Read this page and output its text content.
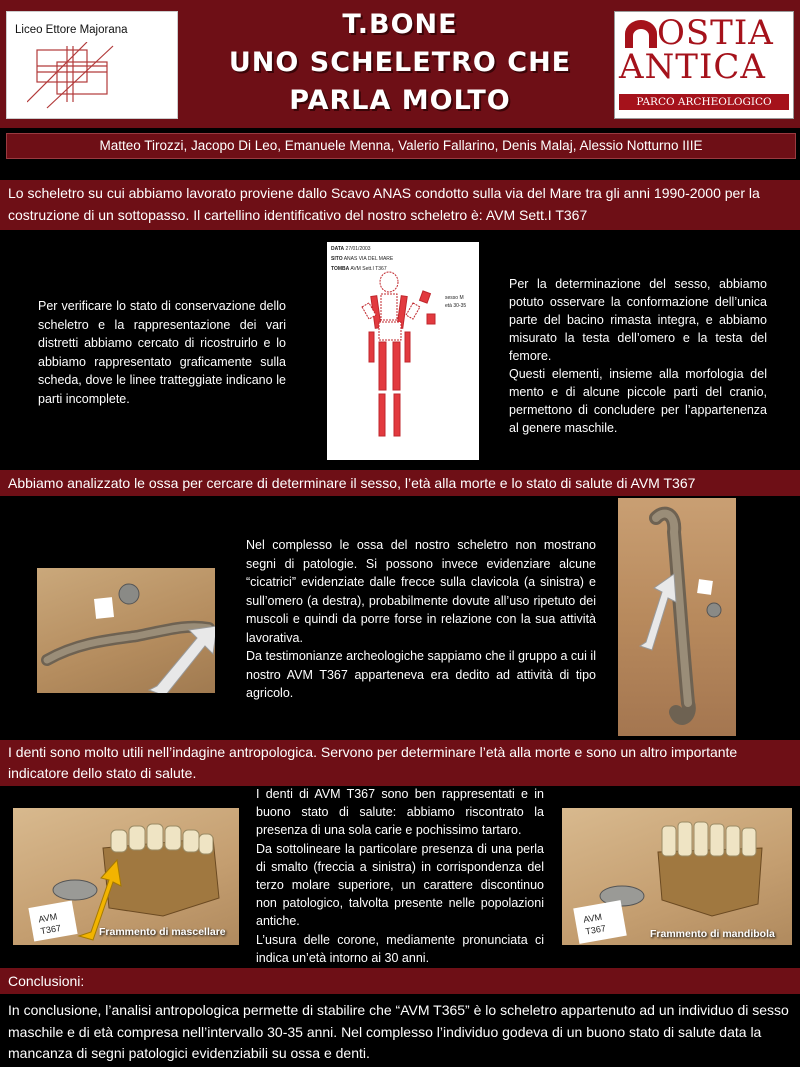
Liceo Ettore Majorana	T.BONE
UNO SCHELETRO CHE
PARLA MOLTO
OSTIA
ANTICA
PARCO ARCHEOLOGICO
Matteo Tirozzi, Jacopo Di Leo, Emanuele Menna, Valerio Fallarino, Denis Malaj, Alessio Notturno IIIE
Lo scheletro su cui abbiamo lavorato proviene dallo Scavo ANAS condotto sulla via del Mare tra gli anni 1990-2000 per la costruzione di un sottopasso. Il cartellino identificativo del nostro scheletro è: AVM Sett.I T367
Per verificare lo stato di conservazione dello scheletro e la rappresentazione dei vari distretti abbiamo cercato di ricostruirlo e lo abbiamo rappresentato graficamente sulla scheda, dove le linee tratteggiate indicano le parti incomplete.
DATA 27/01/2003
SITO ANAS VIA DEL MARE
TOMBA AVM Sett.I T367
sesso M
età 30-35
Per la determinazione del sesso, abbiamo potuto osservare la conformazione dell’unica parte del bacino rimasta integra, e abbiamo misurato la testa dell’omero e la testa del femore.
Questi elementi, insieme alla morfologia del mento e di alcune piccole parti del cranio, permettono di concludere per l’appartenenza al genere maschile.
Abbiamo analizzato le ossa per cercare di determinare il sesso, l’età alla morte e lo stato di salute di AVM T367
Nel complesso le ossa del nostro scheletro non mostrano segni di patologie. Si possono invece evidenziare alcune “cicatrici” evidenziate dalle frecce sulla clavicola (a sinistra) e sull’omero (a destra), probabilmente dovute all’uso ripetuto dei muscoli e quindi da porre forse in relazione con la sua attività lavorativa.
Da testimonianze archeologiche sappiamo che il gruppo a cui il nostro AVM T367 apparteneva era dedito ad attività di tipo agricolo.
I denti sono molto utili nell’indagine antropologica. Servono per determinare l’età alla morte e sono un altro importante indicatore dello stato di salute.
AVM
T367	Frammento di mascellare
I denti di AVM T367 sono ben rappresentati e in buono stato di salute: abbiamo riscontrato la presenza di una sola carie e pochissimo tartaro.
Da sottolineare la particolare presenza di una perla di smalto (freccia a sinistra) in corrispondenza del terzo molare superiore, un carattere discontinuo non patologico, talvolta presente nelle popolazioni antiche.
L’usura delle corone, mediamente pronunciata ci indica un’età intorno ai 30 anni.
AVM
T367	Frammento di mandibola
Conclusioni:
In conclusione, l’analisi antropologica permette di stabilire che “AVM T365” è lo scheletro appartenuto ad un individuo di sesso maschile e di età compresa nell’intervallo 30-35 anni. Nel complesso l’individuo godeva di un buono stato di salute data la mancanza di segni patologici evidenziabili su ossa e denti.
